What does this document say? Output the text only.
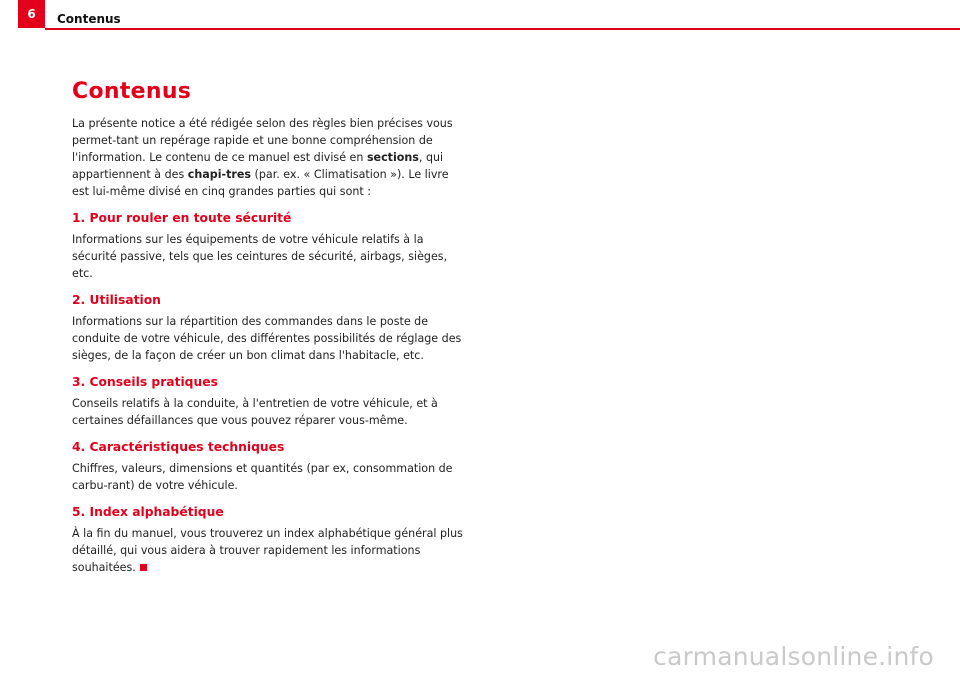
6	Contenus
Contenus

La présente notice a été rédigée selon des règles bien précises vous permet-tant un repérage rapide et une bonne compréhension de l'information. Le contenu de ce manuel est divisé en sections, qui appartiennent à des chapi-tres (par. ex. « Climatisation »). Le livre est lui-même divisé en cinq grandes parties qui sont :

1. Pour rouler en toute sécurité

Informations sur les équipements de votre véhicule relatifs à la sécurité passive, tels que les ceintures de sécurité, airbags, sièges, etc.

2. Utilisation

Informations sur la répartition des commandes dans le poste de conduite de votre véhicule, des différentes possibilités de réglage des sièges, de la façon de créer un bon climat dans l'habitacle, etc.

3. Conseils pratiques

Conseils relatifs à la conduite, à l'entretien de votre véhicule, et à certaines défaillances que vous pouvez réparer vous-même.

4. Caractéristiques techniques

Chiffres, valeurs, dimensions et quantités (par ex, consommation de carbu-rant) de votre véhicule.

5. Index alphabétique

À la fin du manuel, vous trouverez un index alphabétique général plus détaillé, qui vous aidera à trouver rapidement les informations souhaitées.

carmanualsonline.info
